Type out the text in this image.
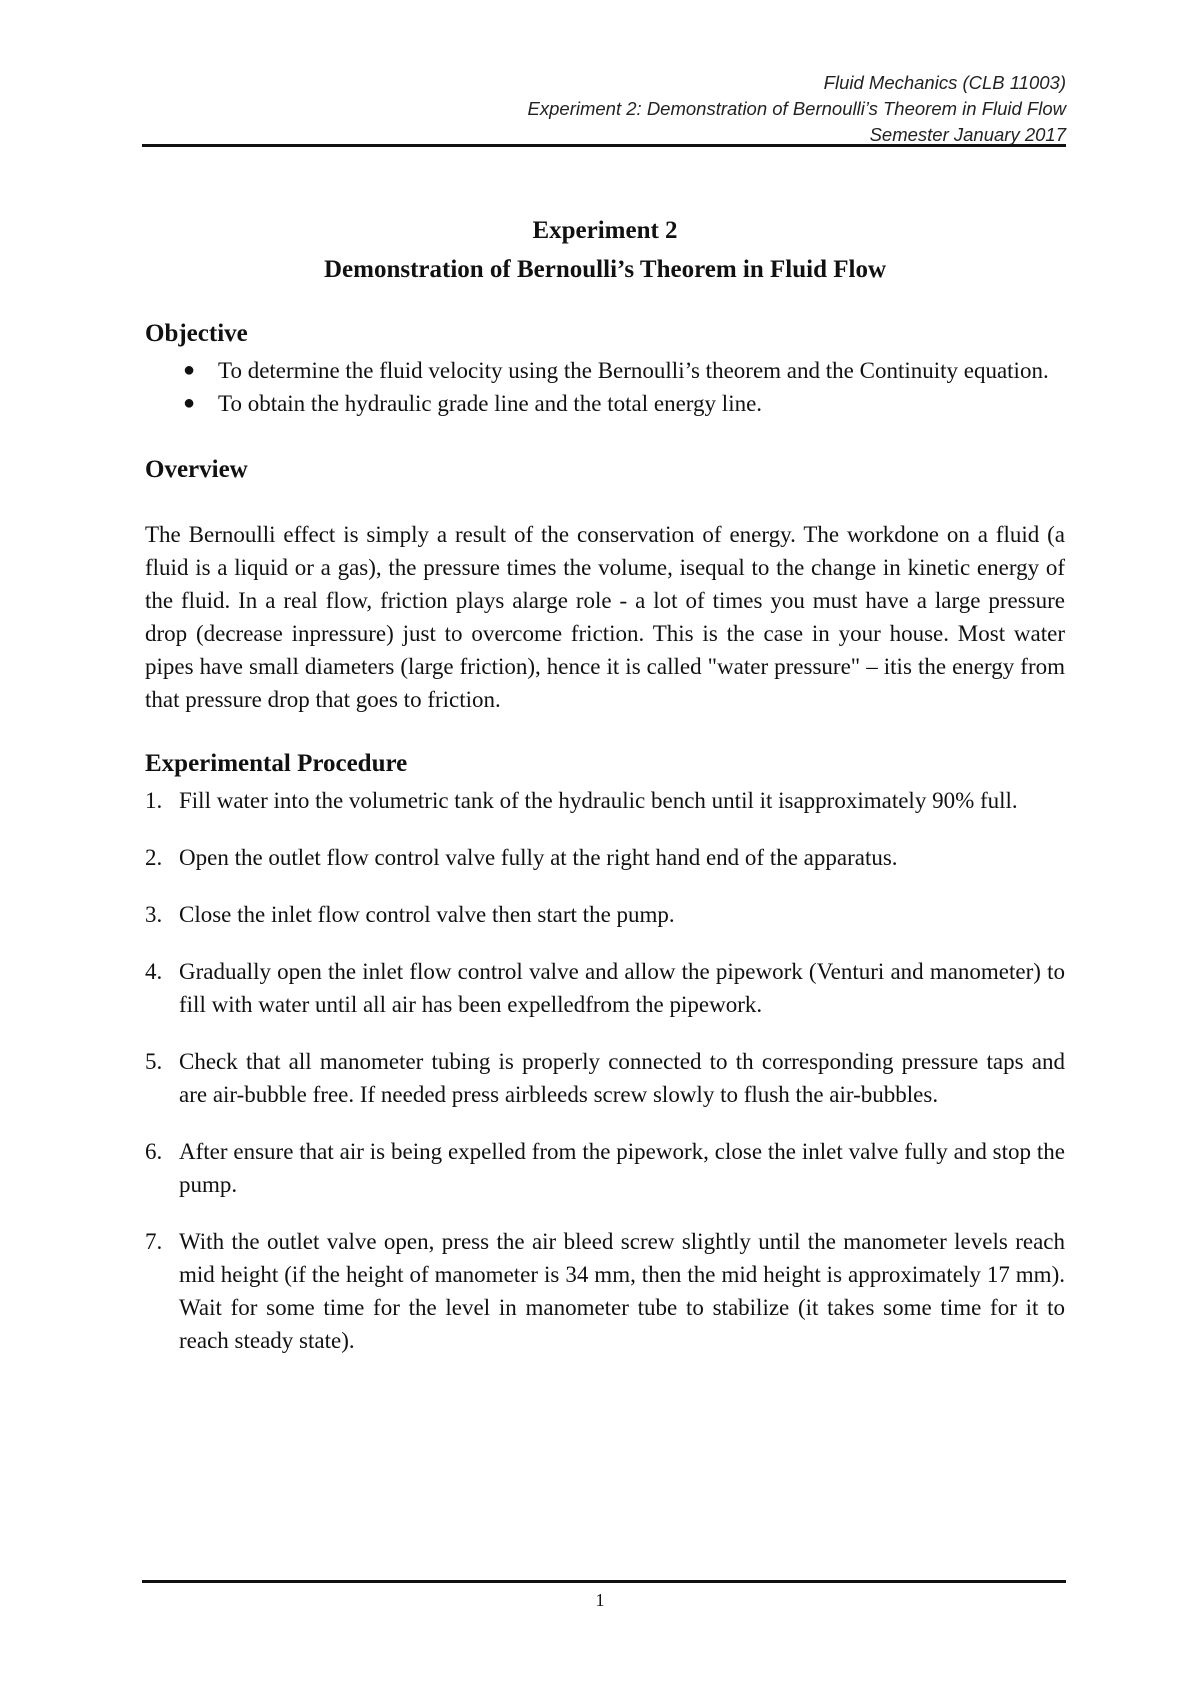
Fluid Mechanics (CLB 11003)
Experiment 2: Demonstration of Bernoulli’s Theorem in Fluid Flow
Semester January 2017
Experiment 2
Demonstration of Bernoulli’s Theorem in Fluid Flow
Objective
● To determine the fluid velocity using the Bernoulli’s theorem and the Continuity equation.
● To obtain the hydraulic grade line and the total energy line.
Overview

The Bernoulli effect is simply a result of the conservation of energy. The workdone on a fluid (a fluid is a liquid or a gas), the pressure times the volume, isequal to the change in kinetic energy of the fluid. In a real flow, friction plays alarge role - a lot of times you must have a large pressure drop (decrease inpressure) just to overcome friction. This is the case in your house. Most water pipes have small diameters (large friction), hence it is called "water pressure" – itis the energy from that pressure drop that goes to friction.

Experimental Procedure
1. Fill water into the volumetric tank of the hydraulic bench until it isapproximately 90% full.
2. Open the outlet flow control valve fully at the right hand end of the apparatus.
3. Close the inlet flow control valve then start the pump.
4. Gradually open the inlet flow control valve and allow the pipework (Venturi and manometer) to fill with water until all air has been expelledfrom the pipework.
5. Check that all manometer tubing is properly connected to th corresponding pressure taps and are air-bubble free. If needed press airbleeds screw slowly to flush the air-bubbles.
6. After ensure that air is being expelled from the pipework, close the inlet valve fully and stop the pump.
7. With the outlet valve open, press the air bleed screw slightly until the manometer levels reach mid height (if the height of manometer is 34 mm, then the mid height is approximately 17 mm). Wait for some time for the level in manometer tube to stabilize (it takes some time for it to reach steady state).
1
